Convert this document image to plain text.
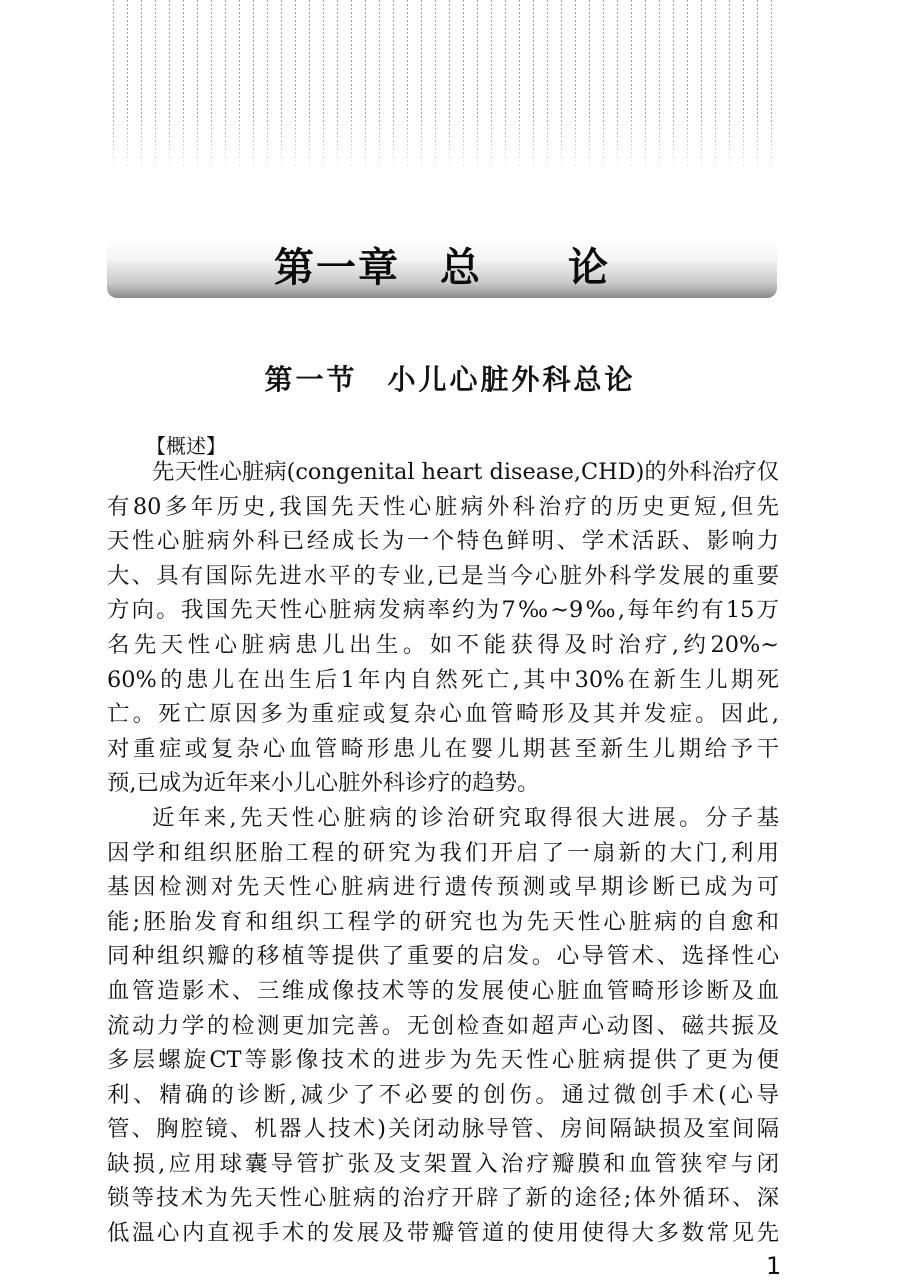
第一章 总 论
第一节 小儿心脏外科总论
【概述】
先天性心脏病(congenital heart disease,CHD)的外科治疗仅
有80多年历史,我国先天性心脏病外科治疗的历史更短,但先
天性心脏病外科已经成长为一个特色鲜明、学术活跃、影响力
大、具有国际先进水平的专业,已是当今心脏外科学发展的重要
方向。我国先天性心脏病发病率约为7‰~9‰,每年约有15万
名先天性心脏病患儿出生。如不能获得及时治疗,约20%~
60%的患儿在出生后1年内自然死亡,其中30%在新生儿期死
亡。死亡原因多为重症或复杂心血管畸形及其并发症。因此,
对重症或复杂心血管畸形患儿在婴儿期甚至新生儿期给予干
预,已成为近年来小儿心脏外科诊疗的趋势。
近年来,先天性心脏病的诊治研究取得很大进展。分子基
因学和组织胚胎工程的研究为我们开启了一扇新的大门,利用
基因检测对先天性心脏病进行遗传预测或早期诊断已成为可
能;胚胎发育和组织工程学的研究也为先天性心脏病的自愈和
同种组织瓣的移植等提供了重要的启发。心导管术、选择性心
血管造影术、三维成像技术等的发展使心脏血管畸形诊断及血
流动力学的检测更加完善。无创检查如超声心动图、磁共振及
多层螺旋CT等影像技术的进步为先天性心脏病提供了更为便
利、精确的诊断,减少了不必要的创伤。通过微创手术(心导
管、胸腔镜、机器人技术)关闭动脉导管、房间隔缺损及室间隔
缺损,应用球囊导管扩张及支架置入治疗瓣膜和血管狭窄与闭
锁等技术为先天性心脏病的治疗开辟了新的途径;体外循环、深
低温心内直视手术的发展及带瓣管道的使用使得大多数常见先
1
